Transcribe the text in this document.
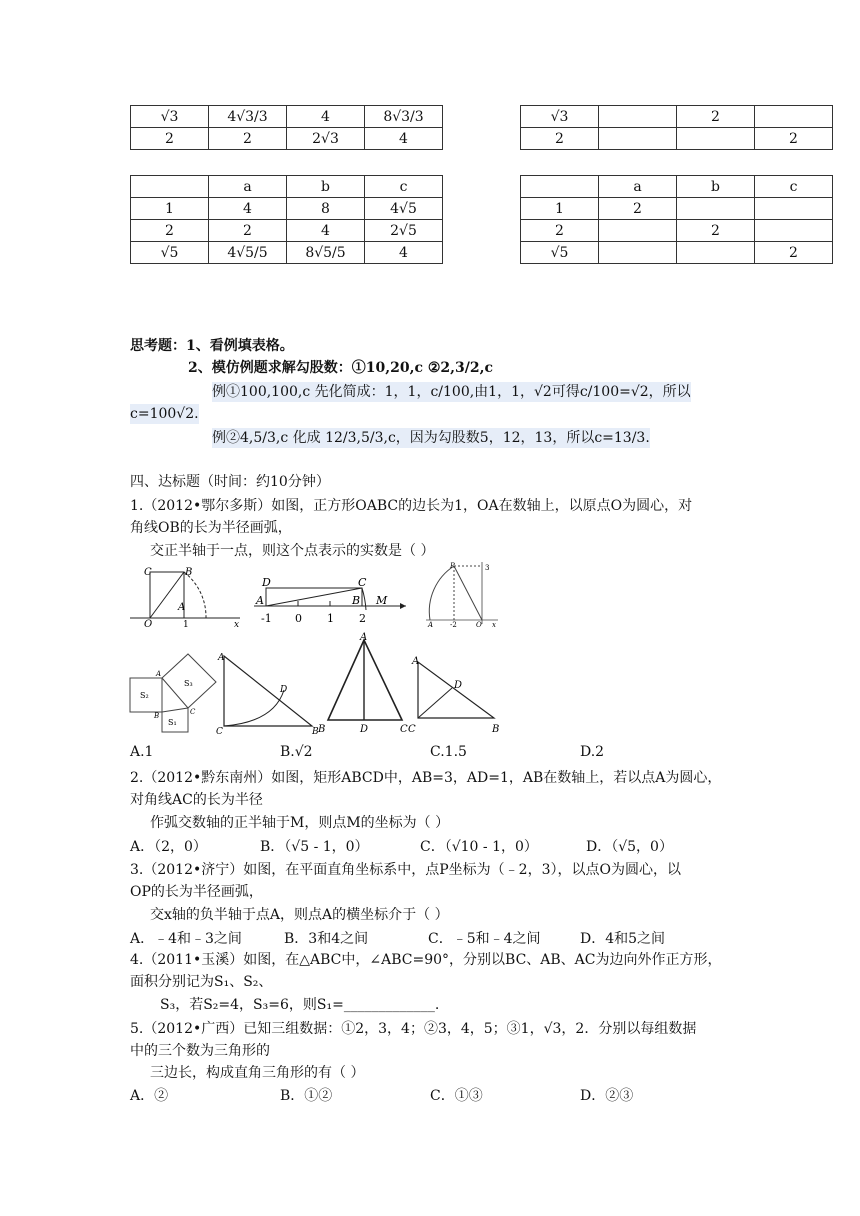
√3	4√3/3	4	8√3/3
2	2	2√3	4
√3		2	
2			2
	a	b	c
1	4	8	4√5
2	2	4	2√5
√5	4√5/5	8√5/5	4
	a	b	c
1	2		
2		2	
√5			2
思考题：1、看例填表格。
2、模仿例题求解勾股数：①10,20,c ②2,3/2,c
例①100,100,c 先化简成：1，1，c/100,由1，1，√2可得c/100=√2，所以
c=100√2.
例②4,5/3,c 化成 12/3,5/3,c，因为勾股数5，12，13，所以c=13/3.
四、达标题（时间：约10分钟）
1.（2012•鄂尔多斯）如图，正方形OABC的边长为1，OA在数轴上，以原点O为圆心，对
角线OB的长为半径画弧，
交正半轴于一点，则这个点表示的实数是（ ）
C	B
A
O	1	x
D	C
A	B M
-1 0 1 2
P	3
A -2	O x
S₂
S₃
S₁
A
B	C
A
D
C	B
A
B	D	C
A
D
C	B
A.1	B.√2	C.1.5	D.2
2.（2012•黔东南州）如图，矩形ABCD中，AB=3，AD=1，AB在数轴上，若以点A为圆心，
对角线AC的长为半径
作弧交数轴的正半轴于M，则点M的坐标为（ ）
A．（2，0）	B．（√5 - 1，0）	C．（√10 - 1，0）	D．（√5，0）
3.（2012•济宁）如图，在平面直角坐标系中，点P坐标为（﹣2，3），以点O为圆心，以
OP的长为半径画弧，
交x轴的负半轴于点A，则点A的横坐标介于（ ）
A．﹣4和﹣3之间	B．3和4之间	C．﹣5和﹣4之间	D．4和5之间
4.（2011•玉溪）如图，在△ABC中，∠ABC=90°，分别以BC、AB、AC为边向外作正方形，
面积分别记为S₁、S₂、
S₃，若S₂=4，S₃=6，则S₁=_____________.
5.（2012•广西）已知三组数据：①2，3，4；②3，4，5；③1，√3，2．分别以每组数据
中的三个数为三角形的
三边长，构成直角三角形的有（ ）
A．②	B．①②	C．①③	D．②③
